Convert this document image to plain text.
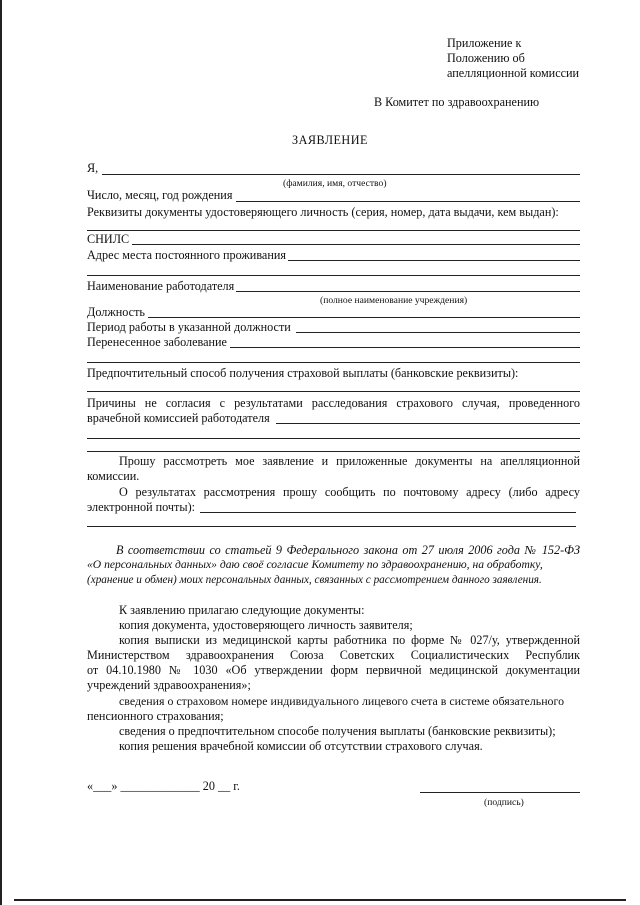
Приложение к
Положению об
апелляционной комиссии
В Комитет по здравоохранению
ЗАЯВЛЕНИЕ
Я,
(фамилия, имя, отчество)
Число, месяц, год рождения
Реквизиты документы удостоверяющего личность (серия, номер, дата выдачи, кем выдан):
СНИЛС
Адрес места постоянного проживания
Наименование работодателя
(полное наименование учреждения)
Должность
Период работы в указанной должности
Перенесенное заболевание
Предпочтительный способ получения страховой выплаты (банковские реквизиты):
Причины не согласия с результатами расследования страхового случая, проведенного
врачебной комиссией работодателя
Прошу рассмотреть мое заявление и приложенные документы на апелляционной
комиссии.
О результатах рассмотрения прошу сообщить по почтовому адресу (либо адресу
электронной почты):
В соответствии со статьей 9 Федерального закона от 27 июля 2006 года № 152-ФЗ
«О персональных данных» даю своё согласие Комитету по здравоохранению, на обработку,
(хранение и обмен) моих персональных данных, связанных с рассмотрением данного заявления.
К заявлению прилагаю следующие документы:
копия документа, удостоверяющего личность заявителя;
копия выписки из медицинской карты работника по форме № 027/у, утвержденной
Министерством здравоохранения Союза Советских Социалистических Республик
от 04.10.1980 № 1030 «Об утверждении форм первичной медицинской документации
учреждений здравоохранения»;
сведения о страховом номере индивидуального лицевого счета в системе обязательного
пенсионного страхования;
сведения о предпочтительном способе получения выплаты (банковские реквизиты);
копия решения врачебной комиссии об отсутствии страхового случая.
«___» _____________ 20 __ г.
(подпись)
